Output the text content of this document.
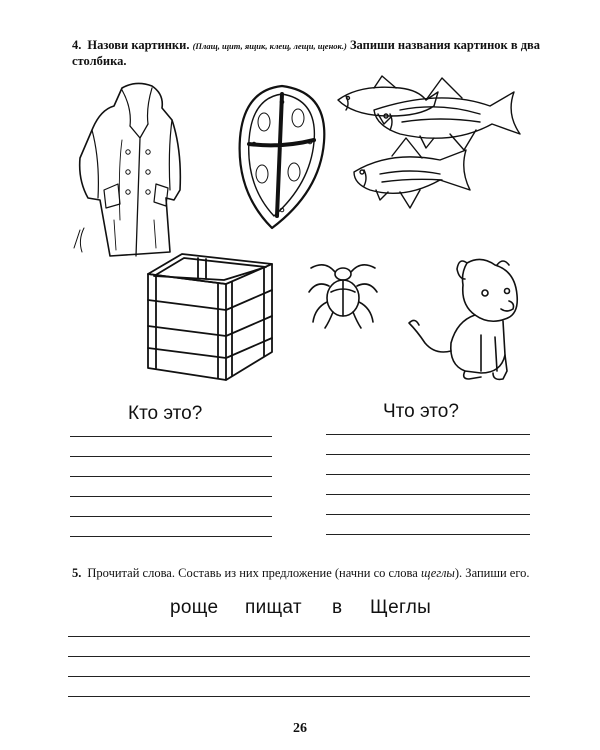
4. Назови картинки. (Плащ, щит, ящик, клещ, лещи, щенок.) Запиши названия картинок в два столбика.
Кто это?	Что это?
5. Прочитай слова. Составь из них предложение (начни со слова щеглы). Запиши его.
роще пищат в Щеглы
26
